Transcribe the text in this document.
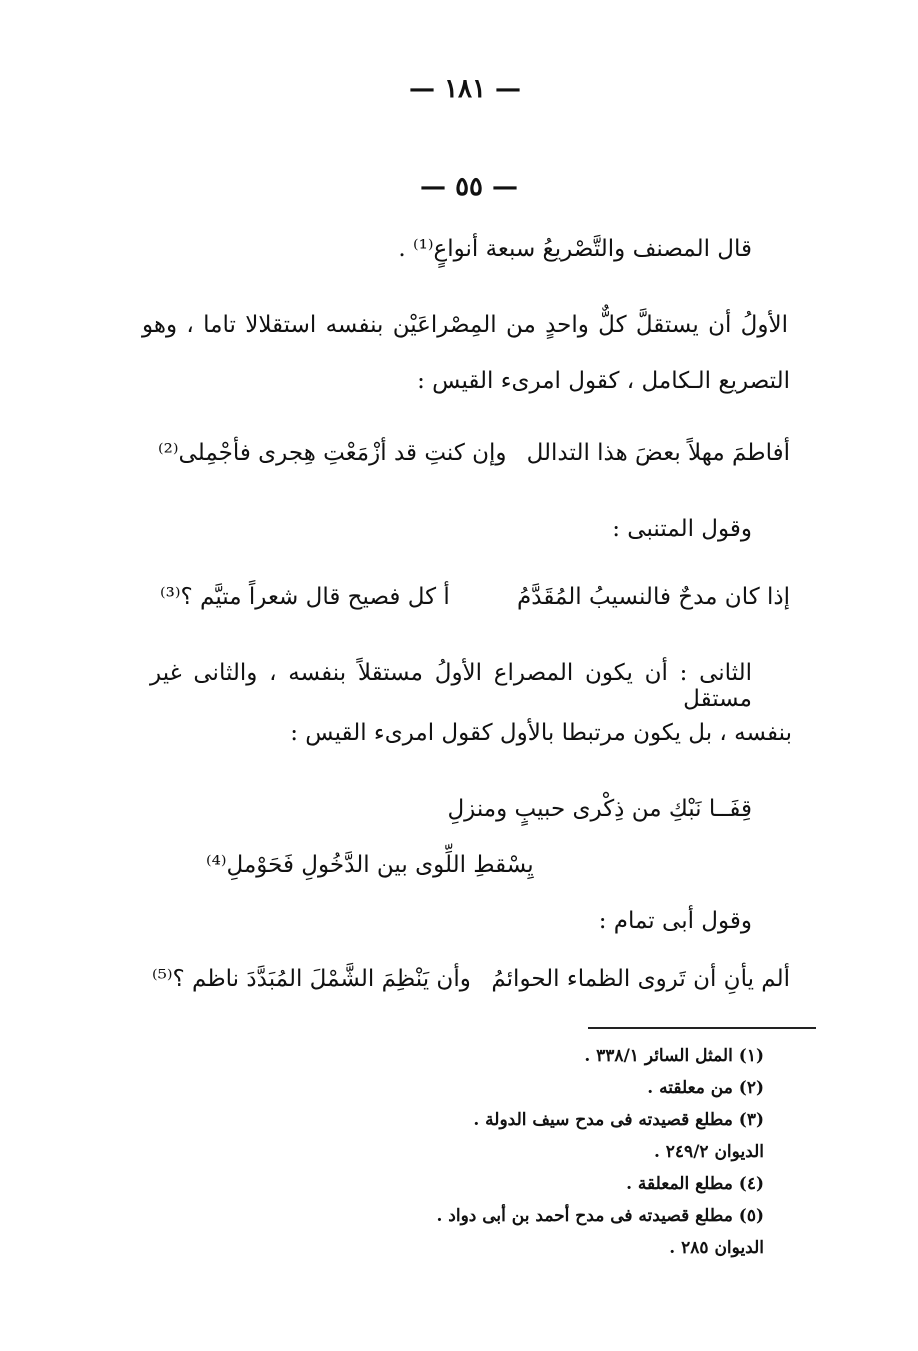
— ١٨١ —
— ٥٥ —
قال المصنف والتَّصْريعُ سبعة أنواعٍ⁽¹⁾ .
الأولُ أن يستقلَّ كلٌّ واحدٍ من المِصْراعَيْن بنفسه استقلالا تاما ، وهو
التصريع الـكامل ، كقول امرىء القيس :
أفاطمَ مهلاً بعضَ هذا التدالل
وإن كنتِ قد أزْمَعْتِ هِجرى فأجْمِلى⁽²⁾
وقول المتنبى :
إذا كان مدحٌ فالنسيبُ المُقَدَّمُ
أ كل فصيح قال شعراً متيَّم ؟⁽³⁾
الثانى : أن يكون المصراع الأولُ مستقلاً بنفسه ، والثانى غير مستقل
بنفسه ، بل يكون مرتبطا بالأول كقول امرىء القيس :
قِفَــا نَبْكِ من ذِكْرى حبيبٍ ومنزلِ
يِسْقطِ اللِّوى بين الدَّخُولِ فَحَوْملِ⁽⁴⁾
وقول أبى تمام :
ألم يأنِ أن تَروى الظماء الحوائمُ
وأن يَنْظِمَ الشَّمْلَ المُبَدَّدَ ناظم ؟⁽⁵⁾
(١) المثل السائر ٣٣٨/١ .
(٢) من معلقته .
(٣) مطلع قصيدته فى مدح سيف الدولة .
الديوان ٢٤٩/٢ .
(٤) مطلع المعلقة .
(٥) مطلع قصيدته فى مدح أحمد بن أبى دواد .
الديوان ٢٨٥ .
